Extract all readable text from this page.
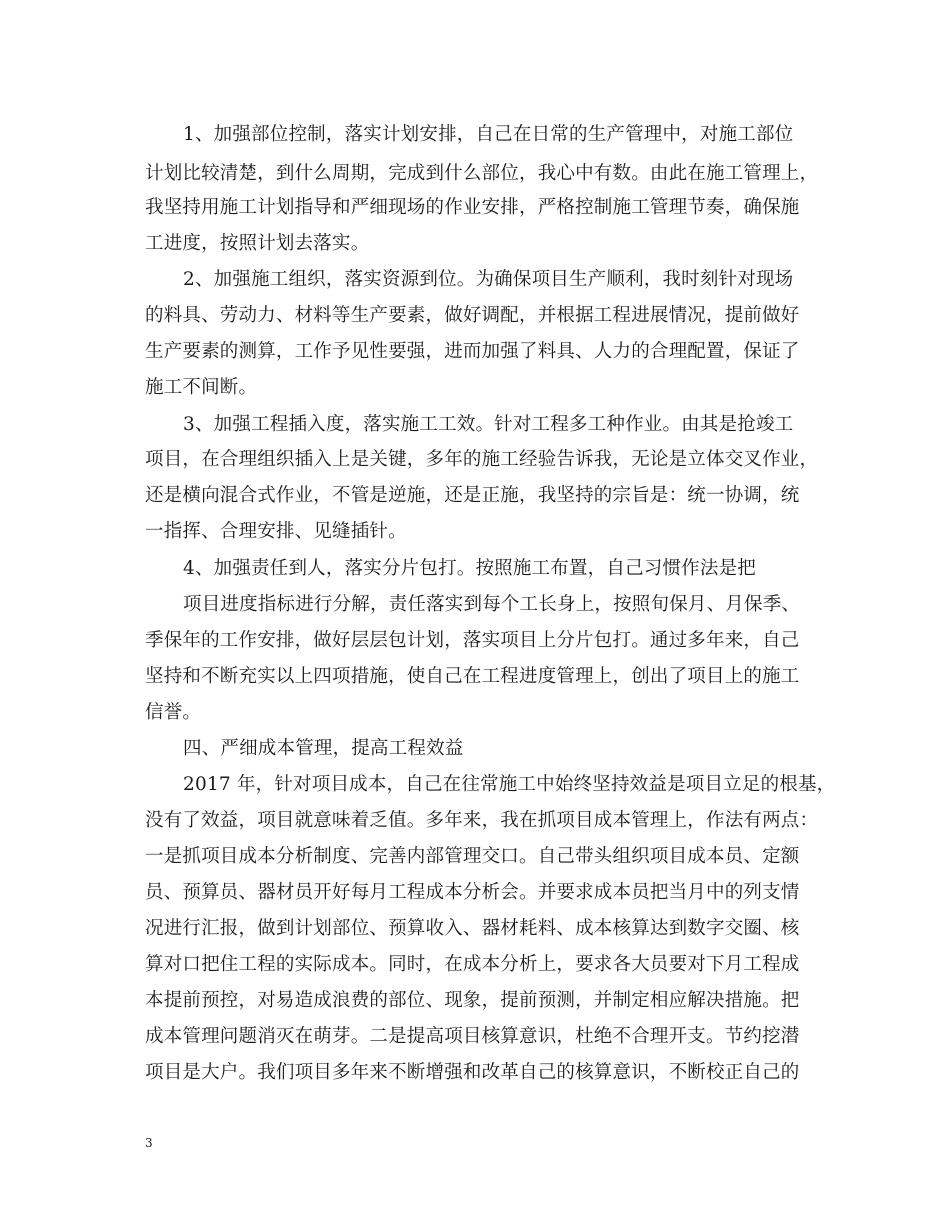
1、加强部位控制，落实计划安排，自己在日常的生产管理中，对施工部位
计划比较清楚，到什么周期，完成到什么部位，我心中有数。由此在施工管理上，
我坚持用施工计划指导和严细现场的作业安排，严格控制施工管理节奏，确保施
工进度，按照计划去落实。
2、加强施工组织，落实资源到位。为确保项目生产顺利，我时刻针对现场
的料具、劳动力、材料等生产要素，做好调配，并根据工程进展情况，提前做好
生产要素的测算，工作予见性要强，进而加强了料具、人力的合理配置，保证了
施工不间断。
3、加强工程插入度，落实施工工效。针对工程多工种作业。由其是抢竣工
项目，在合理组织插入上是关键，多年的施工经验告诉我，无论是立体交叉作业，
还是横向混合式作业，不管是逆施，还是正施，我坚持的宗旨是：统一协调，统
一指挥、合理安排、见缝插针。
4、加强责任到人，落实分片包打。按照施工布置，自己习惯作法是把
项目进度指标进行分解，责任落实到每个工长身上，按照旬保月、月保季、
季保年的工作安排，做好层层包计划，落实项目上分片包打。通过多年来，自己
坚持和不断充实以上四项措施，使自己在工程进度管理上，创出了项目上的施工
信誉。
四、严细成本管理，提高工程效益
2017 年，针对项目成本，自己在往常施工中始终坚持效益是项目立足的根基，
没有了效益，项目就意味着乏值。多年来，我在抓项目成本管理上，作法有两点：
一是抓项目成本分析制度、完善内部管理交口。自己带头组织项目成本员、定额
员、预算员、器材员开好每月工程成本分析会。并要求成本员把当月中的列支情
况进行汇报，做到计划部位、预算收入、器材耗料、成本核算达到数字交圈、核
算对口把住工程的实际成本。同时，在成本分析上，要求各大员要对下月工程成
本提前预控，对易造成浪费的部位、现象，提前预测，并制定相应解决措施。把
成本管理问题消灭在萌芽。二是提高项目核算意识，杜绝不合理开支。节约挖潜
项目是大户。我们项目多年来不断增强和改革自己的核算意识，不断校正自己的
3
